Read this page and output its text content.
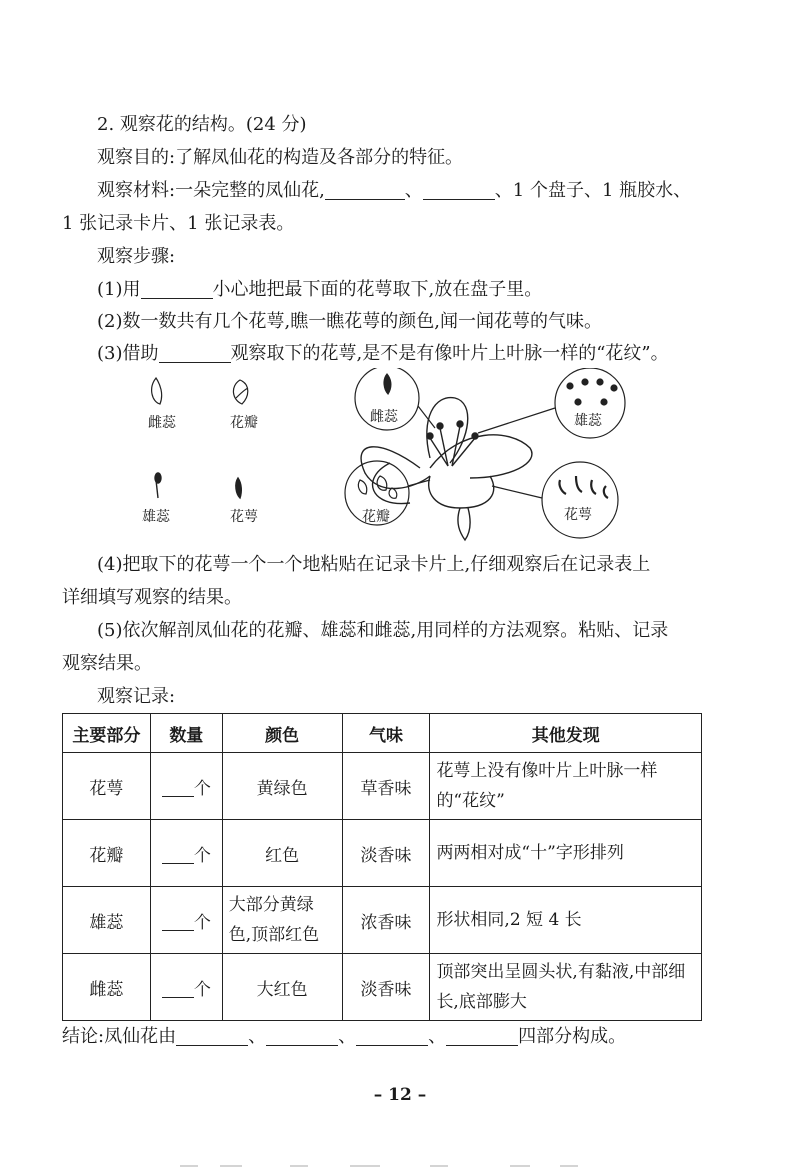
2. 观察花的结构。(24 分)
观察目的:了解凤仙花的构造及各部分的特征。
观察材料:一朵完整的凤仙花,	、	、1 个盘子、1 瓶胶水、
1 张记录卡片、1 张记录表。
观察步骤:
(1)用	小心地把最下面的花萼取下,放在盘子里。
(2)数一数共有几个花萼,瞧一瞧花萼的颜色,闻一闻花萼的气味。
(3)借助	观察取下的花萼,是不是有像叶片上叶脉一样的“花纹”。
雌蕊	花瓣
雄蕊	花萼
雌蕊	雄蕊
花瓣	花萼
(4)把取下的花萼一个一个地粘贴在记录卡片上,仔细观察后在记录表上
详细填写观察的结果。
(5)依次解剖凤仙花的花瓣、雄蕊和雌蕊,用同样的方法观察。粘贴、记录
观察结果。
观察记录:
主要部分	数量	颜色	气味	其他发现
花萼	个	黄绿色	草香味	花萼上没有像叶片上叶脉一样的“花纹”
花瓣	个	红色	淡香味	两两相对成“十”字形排列
雄蕊	个	大部分黄绿色,顶部红色	浓香味	形状相同,2 短 4 长
雌蕊	个	大红色	淡香味	顶部突出呈圆头状,有黏液,中部细长,底部膨大
结论:凤仙花由	、	、	、	四部分构成。
– 12 –
